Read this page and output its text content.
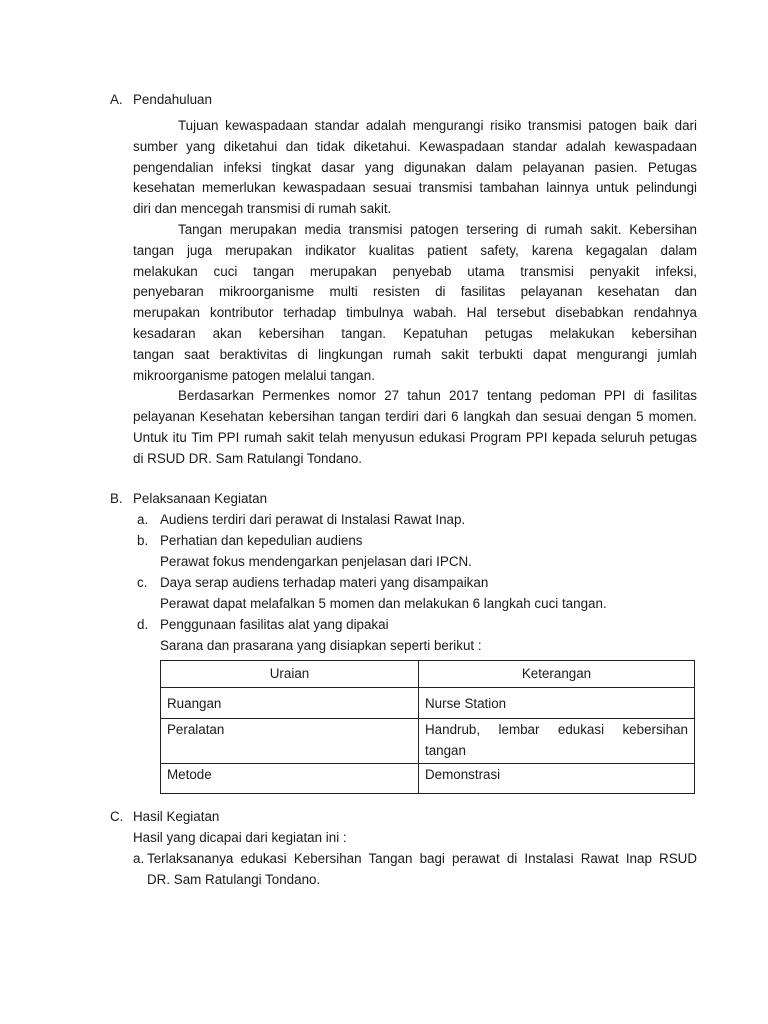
A. Pendahuluan
Tujuan kewaspadaan standar adalah mengurangi risiko transmisi patogen baik dari
sumber yang diketahui dan tidak diketahui. Kewaspadaan standar adalah kewaspadaan
pengendalian infeksi tingkat dasar yang digunakan dalam pelayanan pasien. Petugas
kesehatan memerlukan kewaspadaan sesuai transmisi tambahan lainnya untuk pelindungi
diri dan mencegah transmisi di rumah sakit.
Tangan merupakan media transmisi patogen tersering di rumah sakit. Kebersihan
tangan juga merupakan indikator kualitas patient safety, karena kegagalan dalam
melakukan cuci tangan merupakan penyebab utama transmisi penyakit infeksi,
penyebaran mikroorganisme multi resisten di fasilitas pelayanan kesehatan dan
merupakan kontributor terhadap timbulnya wabah. Hal tersebut disebabkan rendahnya
kesadaran akan kebersihan tangan. Kepatuhan petugas melakukan kebersihan
tangan saat beraktivitas di lingkungan rumah sakit terbukti dapat mengurangi jumlah
mikroorganisme patogen melalui tangan.
Berdasarkan Permenkes nomor 27 tahun 2017 tentang pedoman PPI di fasilitas
pelayanan Kesehatan kebersihan tangan terdiri dari 6 langkah dan sesuai dengan 5 momen.
Untuk itu Tim PPI rumah sakit telah menyusun edukasi Program PPI kepada seluruh petugas
di RSUD DR. Sam Ratulangi Tondano.
B. Pelaksanaan Kegiatan
a. Audiens terdiri dari perawat di Instalasi Rawat Inap.
b. Perhatian dan kepedulian audiens
Perawat fokus mendengarkan penjelasan dari IPCN.
c. Daya serap audiens terhadap materi yang disampaikan
Perawat dapat melafalkan 5 momen dan melakukan 6 langkah cuci tangan.
d. Penggunaan fasilitas alat yang dipakai
Sarana dan prasarana yang disiapkan seperti berikut :
Uraian	Keterangan
Ruangan	Nurse Station
Peralatan	Handrub, lembar edukasi kebersihan tangan
Metode	Demonstrasi
C. Hasil Kegiatan
Hasil yang dicapai dari kegiatan ini :
a. Terlaksananya edukasi Kebersihan Tangan bagi perawat di Instalasi Rawat Inap RSUD
DR. Sam Ratulangi Tondano.
